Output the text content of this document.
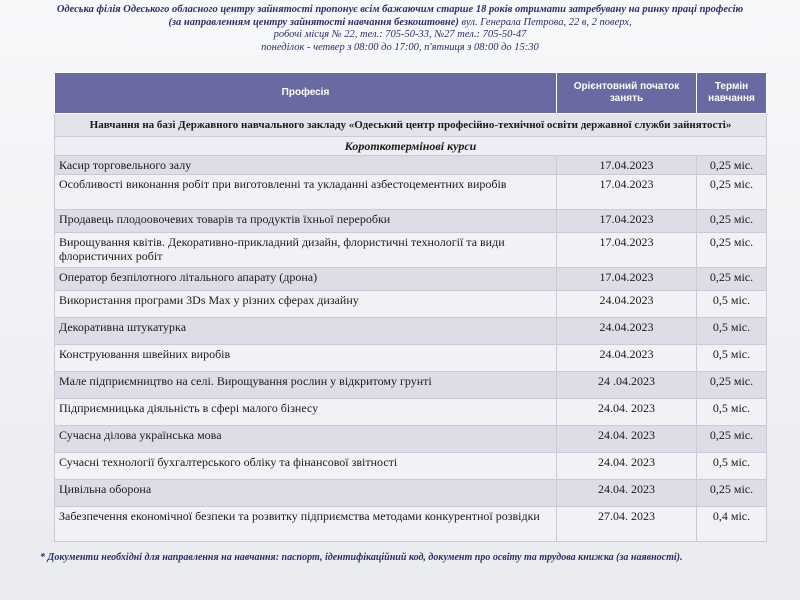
Одеська філія Одеського обласного центру зайнятості пропонує всім бажаючим старше 18 років отримати затребувану на ринку праці професію
(за направленням центру зайнятості навчання безкоштовне) вул. Генерала Петрова, 22 в, 2 поверх,
робочі місця № 22, тел.: 705-50-33, №27 тел.: 705-50-47
понеділок - четвер з 08:00 до 17:00, п'ятниця з 08:00 до 15:30
Професія	Орієнтовний початок занять	Термін навчання
Навчання на базі Державного навчального закладу «Одеський центр професійно-технічної освіти державної служби зайнятості»		
Короткотермінові курси		
Касир торговельного залу	17.04.2023	0,25 міс.
Особливості виконання робіт при виготовленні та укладанні азбестоцементних виробів	17.04.2023	0,25 міс.
Продавець плодоовочевих товарів та продуктів їхньої переробки	17.04.2023	0,25 міс.
Вирощування квітів. Декоративно-прикладний дизайн, флористичні технології та види флористичних робіт	17.04.2023	0,25 міс.
Оператор безпілотного літального апарату (дрона)	17.04.2023	0,25 міс.
Використання програми 3Ds Max у різних сферах дизайну	24.04.2023	0,5 міс.
Декоративна штукатурка	24.04.2023	0,5 міс.
Конструювання швейних виробів	24.04.2023	0,5 міс.
Мале підприємництво на селі. Вирощування рослин у відкритому грунті	24 .04.2023	0,25 міс.
Підприємницька діяльність в сфері малого бізнесу	24.04. 2023	0,5 міс.
Сучасна ділова українська мова	24.04. 2023	0,25 міс.
Сучасні технології бухгалтерського обліку та фінансової звітності	24.04. 2023	0,5 міс.
Цивільна оборона	24.04. 2023	0,25 міс.
Забезпечення економічної безпеки та розвитку підприємства методами конкурентної розвідки	27.04. 2023	0,4 міс.
* Документи необхідні для направлення на навчання: паспорт, ідентифікаційний код, документ про освіту та трудова книжка (за наявності).
